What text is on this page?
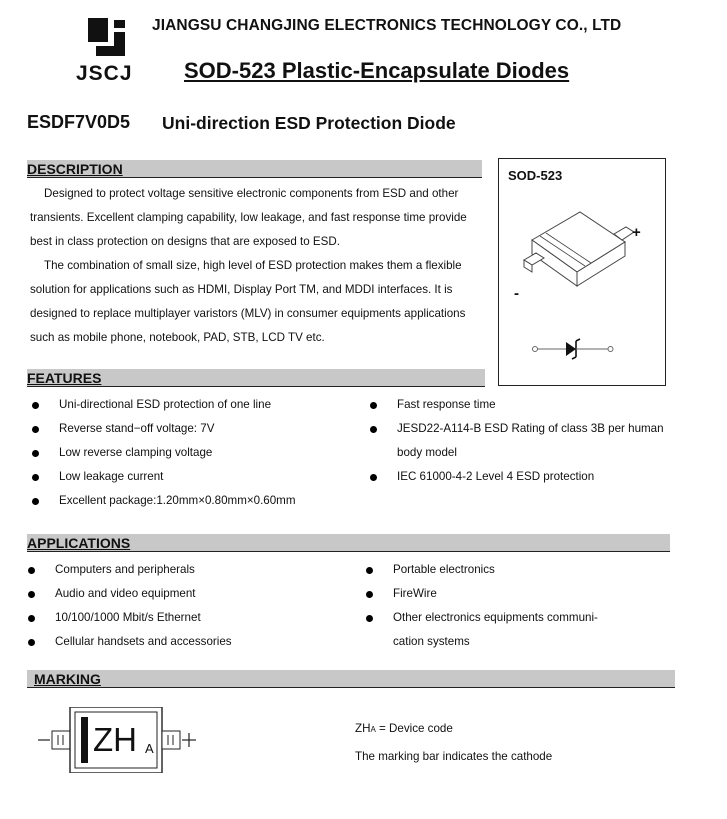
JSCJ
JIANGSU CHANGJING ELECTRONICS TECHNOLOGY CO., LTD
SOD-523 Plastic-Encapsulate Diodes
ESDF7V0D5 Uni-direction ESD Protection Diode
DESCRIPTION

Designed to protect voltage sensitive electronic components from ESD and other

transients. Excellent clamping capability, low leakage, and fast response time provide

best in class protection on designs that are exposed to ESD.

The combination of small size, high level of ESD protection makes them a flexible

solution for applications such as HDMI, Display Port TM, and MDDI interfaces. It is

designed to replace multiplayer varistors (MLV) in consumer equipments applications

such as mobile phone, notebook, PAD, STB, LCD TV etc.

SOD-523
+
-
FEATURES
Uni-directional ESD protection of one line
Reverse stand−off voltage: 7V
Low reverse clamping voltage
Low leakage current
Excellent package:1.20mm×0.80mm×0.60mm
Fast response time
JESD22-A114-B ESD Rating of class 3B per human
body model
IEC 61000-4-2 Level 4 ESD protection
APPLICATIONS
Computers and peripherals
Audio and video equipment
10/100/1000 Mbit/s Ethernet
Cellular handsets and accessories
Portable electronics
FireWire
Other electronics equipments communi-
cation systems
MARKING
ZH A
ZHA = Device code
The marking bar indicates the cathode
